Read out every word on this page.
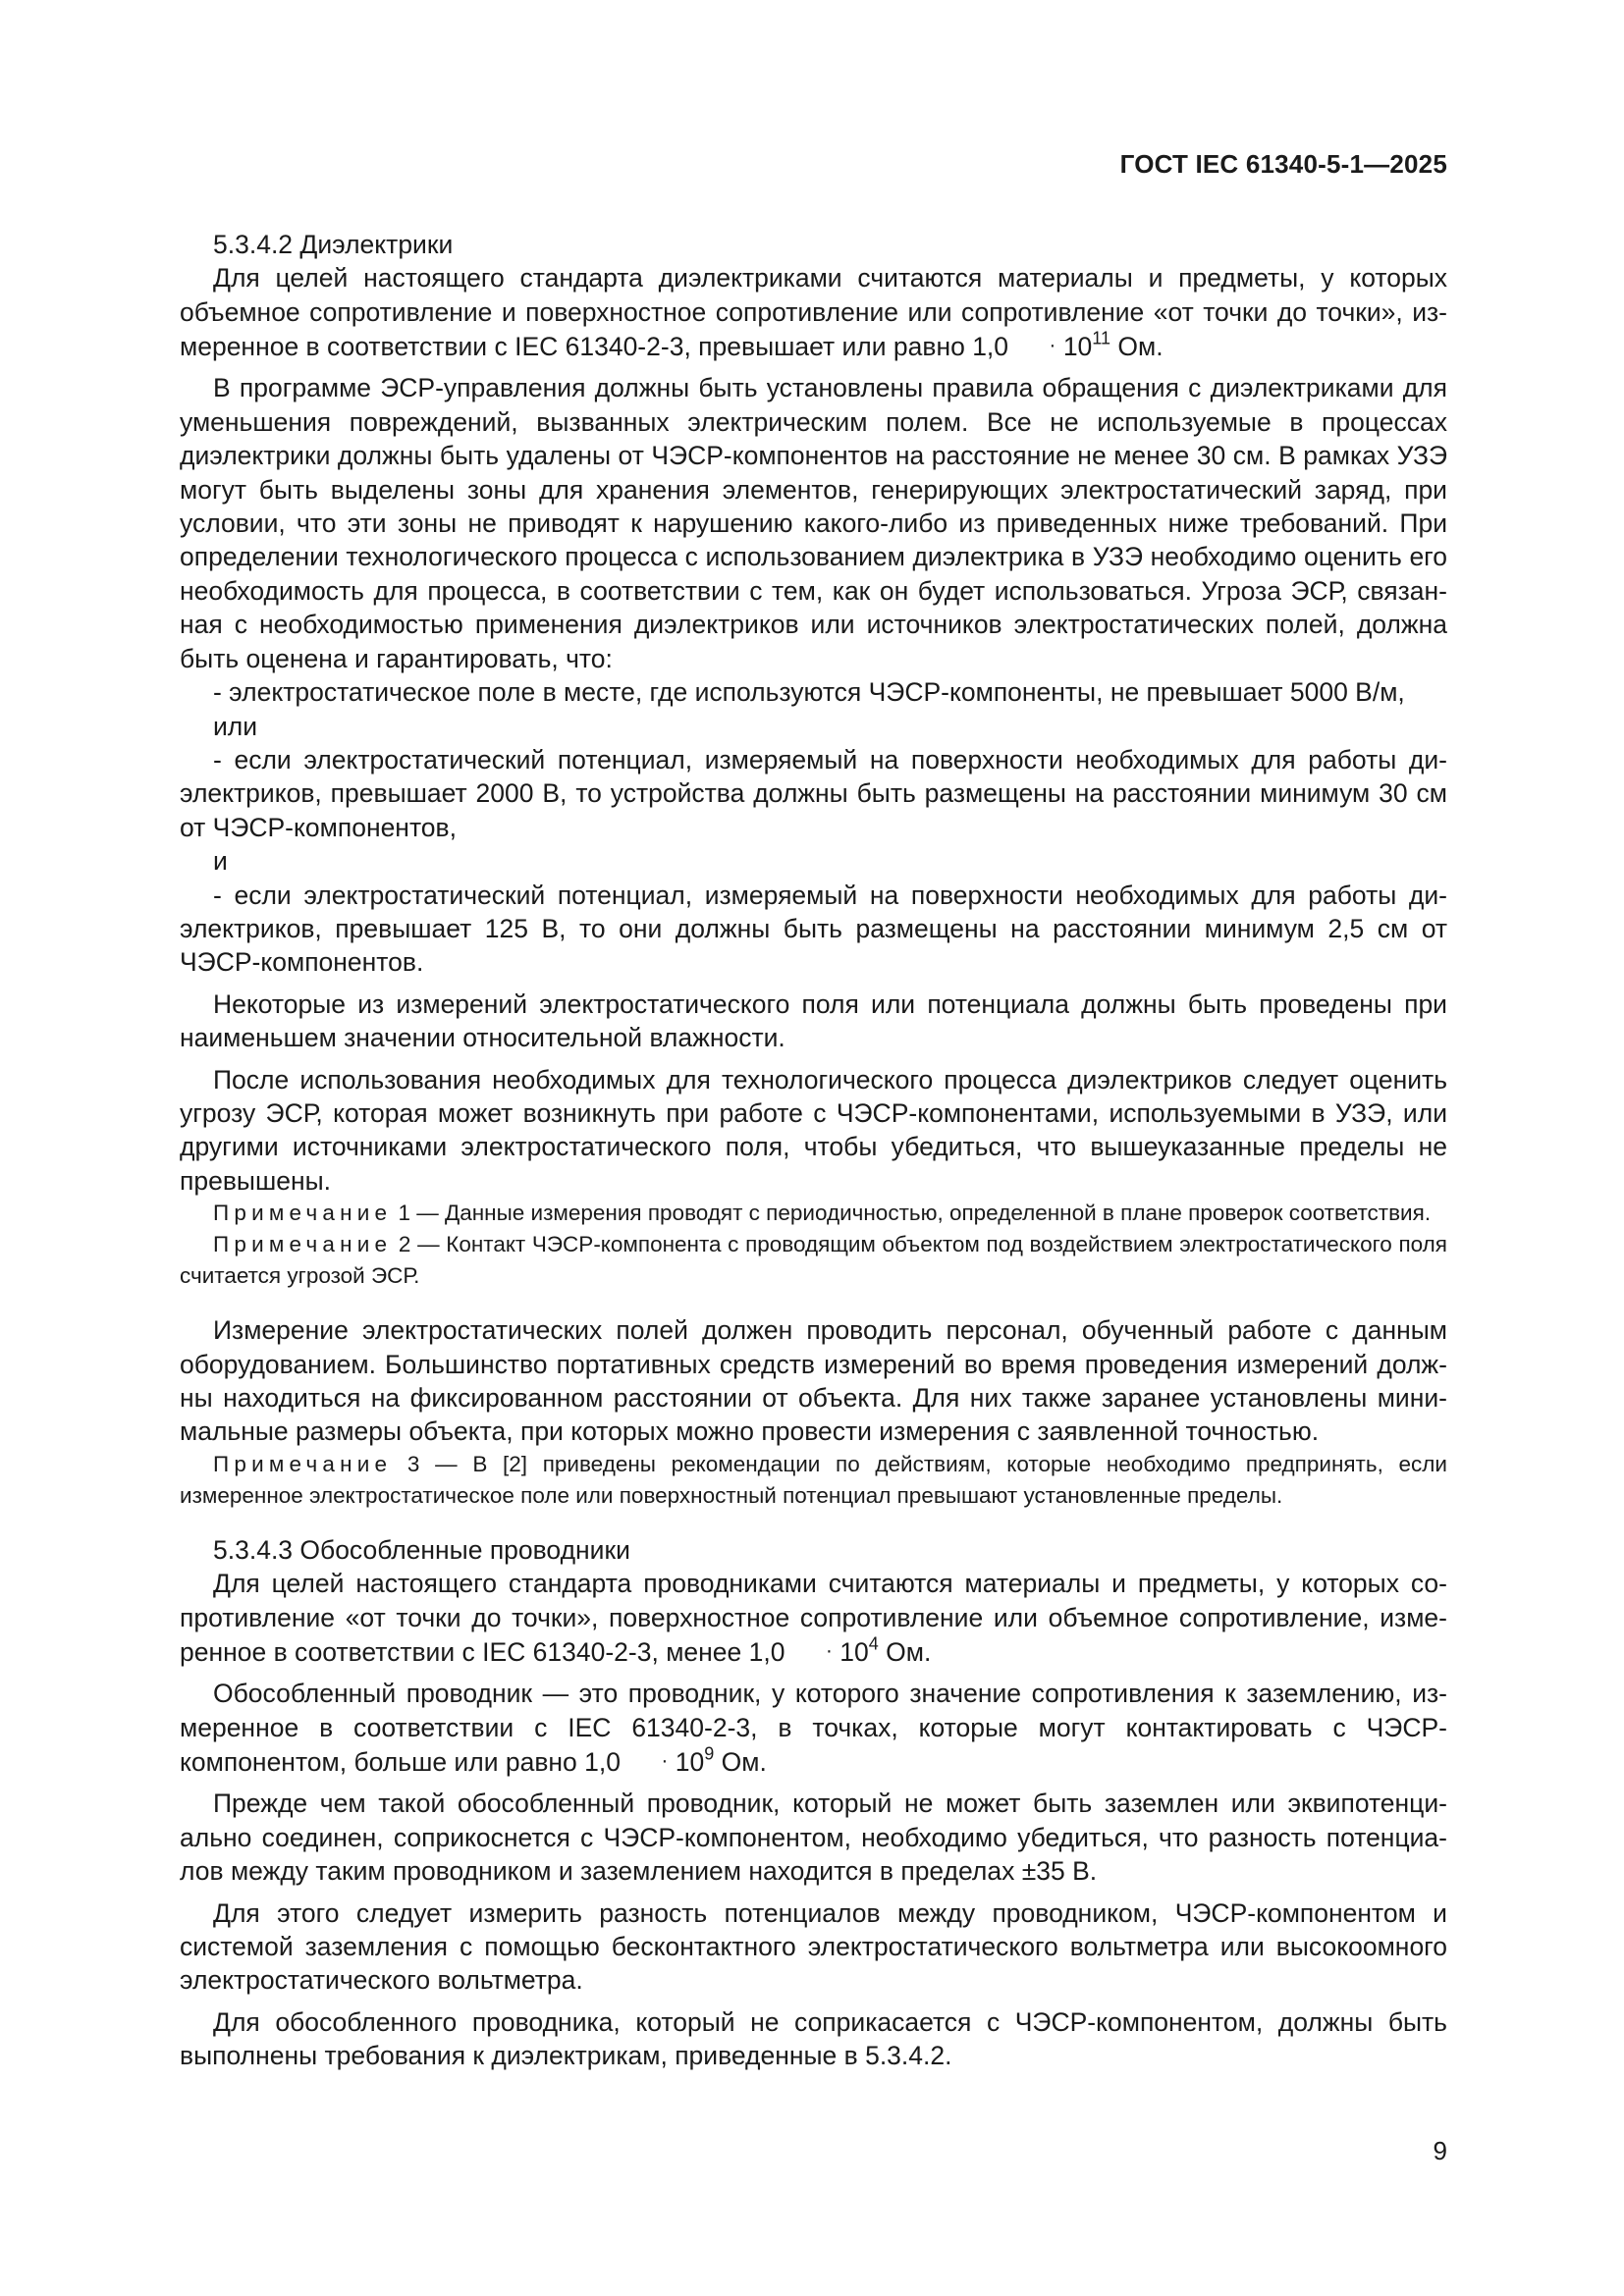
ГОСТ IEC 61340-5-1—2025

5.3.4.2 Диэлектрики

Для целей настоящего стандарта диэлектриками считаются материалы и предметы, у которых объемное сопротивление и поверхностное сопротивление или сопротивление «от точки до точки», измеренное в соответствии с IEC 61340-2-3, превышает или равно $1,0 \cdot 10^{11}$ Ом.

В программе ЭСР-управления должны быть установлены правила обращения с диэлектриками для уменьшения повреждений, вызванных электрическим полем. Все не используемые в процессах диэлектрики должны быть удалены от ЧЭСР-компонентов на расстояние не менее 30 см. В рамках УЗЭ могут быть выделены зоны для хранения элементов, генерирующих электростатический заряд, при условии, что эти зоны не приводят к нарушению какого-либо из приведенных ниже требований. При определении технологического процесса с использованием диэлектрика в УЗЭ необходимо оценить его необходимость для процесса, в соответствии с тем, как он будет использоваться. Угроза ЭСР, связанная с необходимостью применения диэлектриков или источников электростатических полей, должна быть оценена и гарантировать, что:

- электростатическое поле в месте, где используются ЧЭСР-компоненты, не превышает 5000 В/м,

или

- если электростатический потенциал, измеряемый на поверхности необходимых для работы диэлектриков, превышает 2000 В, то устройства должны быть размещены на расстоянии минимум 30 см от ЧЭСР-компонентов,

и

- если электростатический потенциал, измеряемый на поверхности необходимых для работы диэлектриков, превышает 125 В, то они должны быть размещены на расстоянии минимум 2,5 см от ЧЭСР-компонентов.

Некоторые из измерений электростатического поля или потенциала должны быть проведены при наименьшем значении относительной влажности.

После использования необходимых для технологического процесса диэлектриков следует оценить угрозу ЭСР, которая может возникнуть при работе с ЧЭСР-компонентами, используемыми в УЗЭ, или другими источниками электростатического поля, чтобы убедиться, что вышеуказанные пределы не превышены.

Примечание 1 — Данные измерения проводят с периодичностью, определенной в плане проверок соответствия.

Примечание 2 — Контакт ЧЭСР-компонента с проводящим объектом под воздействием электростатического поля считается угрозой ЭСР.

Измерение электростатических полей должен проводить персонал, обученный работе с данным оборудованием. Большинство портативных средств измерений во время проведения измерений должны находиться на фиксированном расстоянии от объекта. Для них также заранее установлены минимальные размеры объекта, при которых можно провести измерения с заявленной точностью.

Примечание 3 — В [2] приведены рекомендации по действиям, которые необходимо предпринять, если измеренное электростатическое поле или поверхностный потенциал превышают установленные пределы.

5.3.4.3 Обособленные проводники

Для целей настоящего стандарта проводниками считаются материалы и предметы, у которых сопротивление «от точки до точки», поверхностное сопротивление или объемное сопротивление, измеренное в соответствии с IEC 61340-2-3, менее $1,0 \cdot 10^4$ Ом.

Обособленный проводник — это проводник, у которого значение сопротивления к заземлению, измеренное в соответствии с IEC 61340-2-3, в точках, которые могут контактировать с ЧЭСР-компонентом, больше или равно $1,0 \cdot 10^9$ Ом.

Прежде чем такой обособленный проводник, который не может быть заземлен или эквипотенциально соединен, соприкоснется с ЧЭСР-компонентом, необходимо убедиться, что разность потенциалов между таким проводником и заземлением находится в пределах ±35 В.

Для этого следует измерить разность потенциалов между проводником, ЧЭСР-компонентом и системой заземления с помощью бесконтактного электростатического вольтметра или высокоомного электростатического вольтметра.

Для обособленного проводника, который не соприкасается с ЧЭСР-компонентом, должны быть выполнены требования к диэлектрикам, приведенные в 5.3.4.2.

9
